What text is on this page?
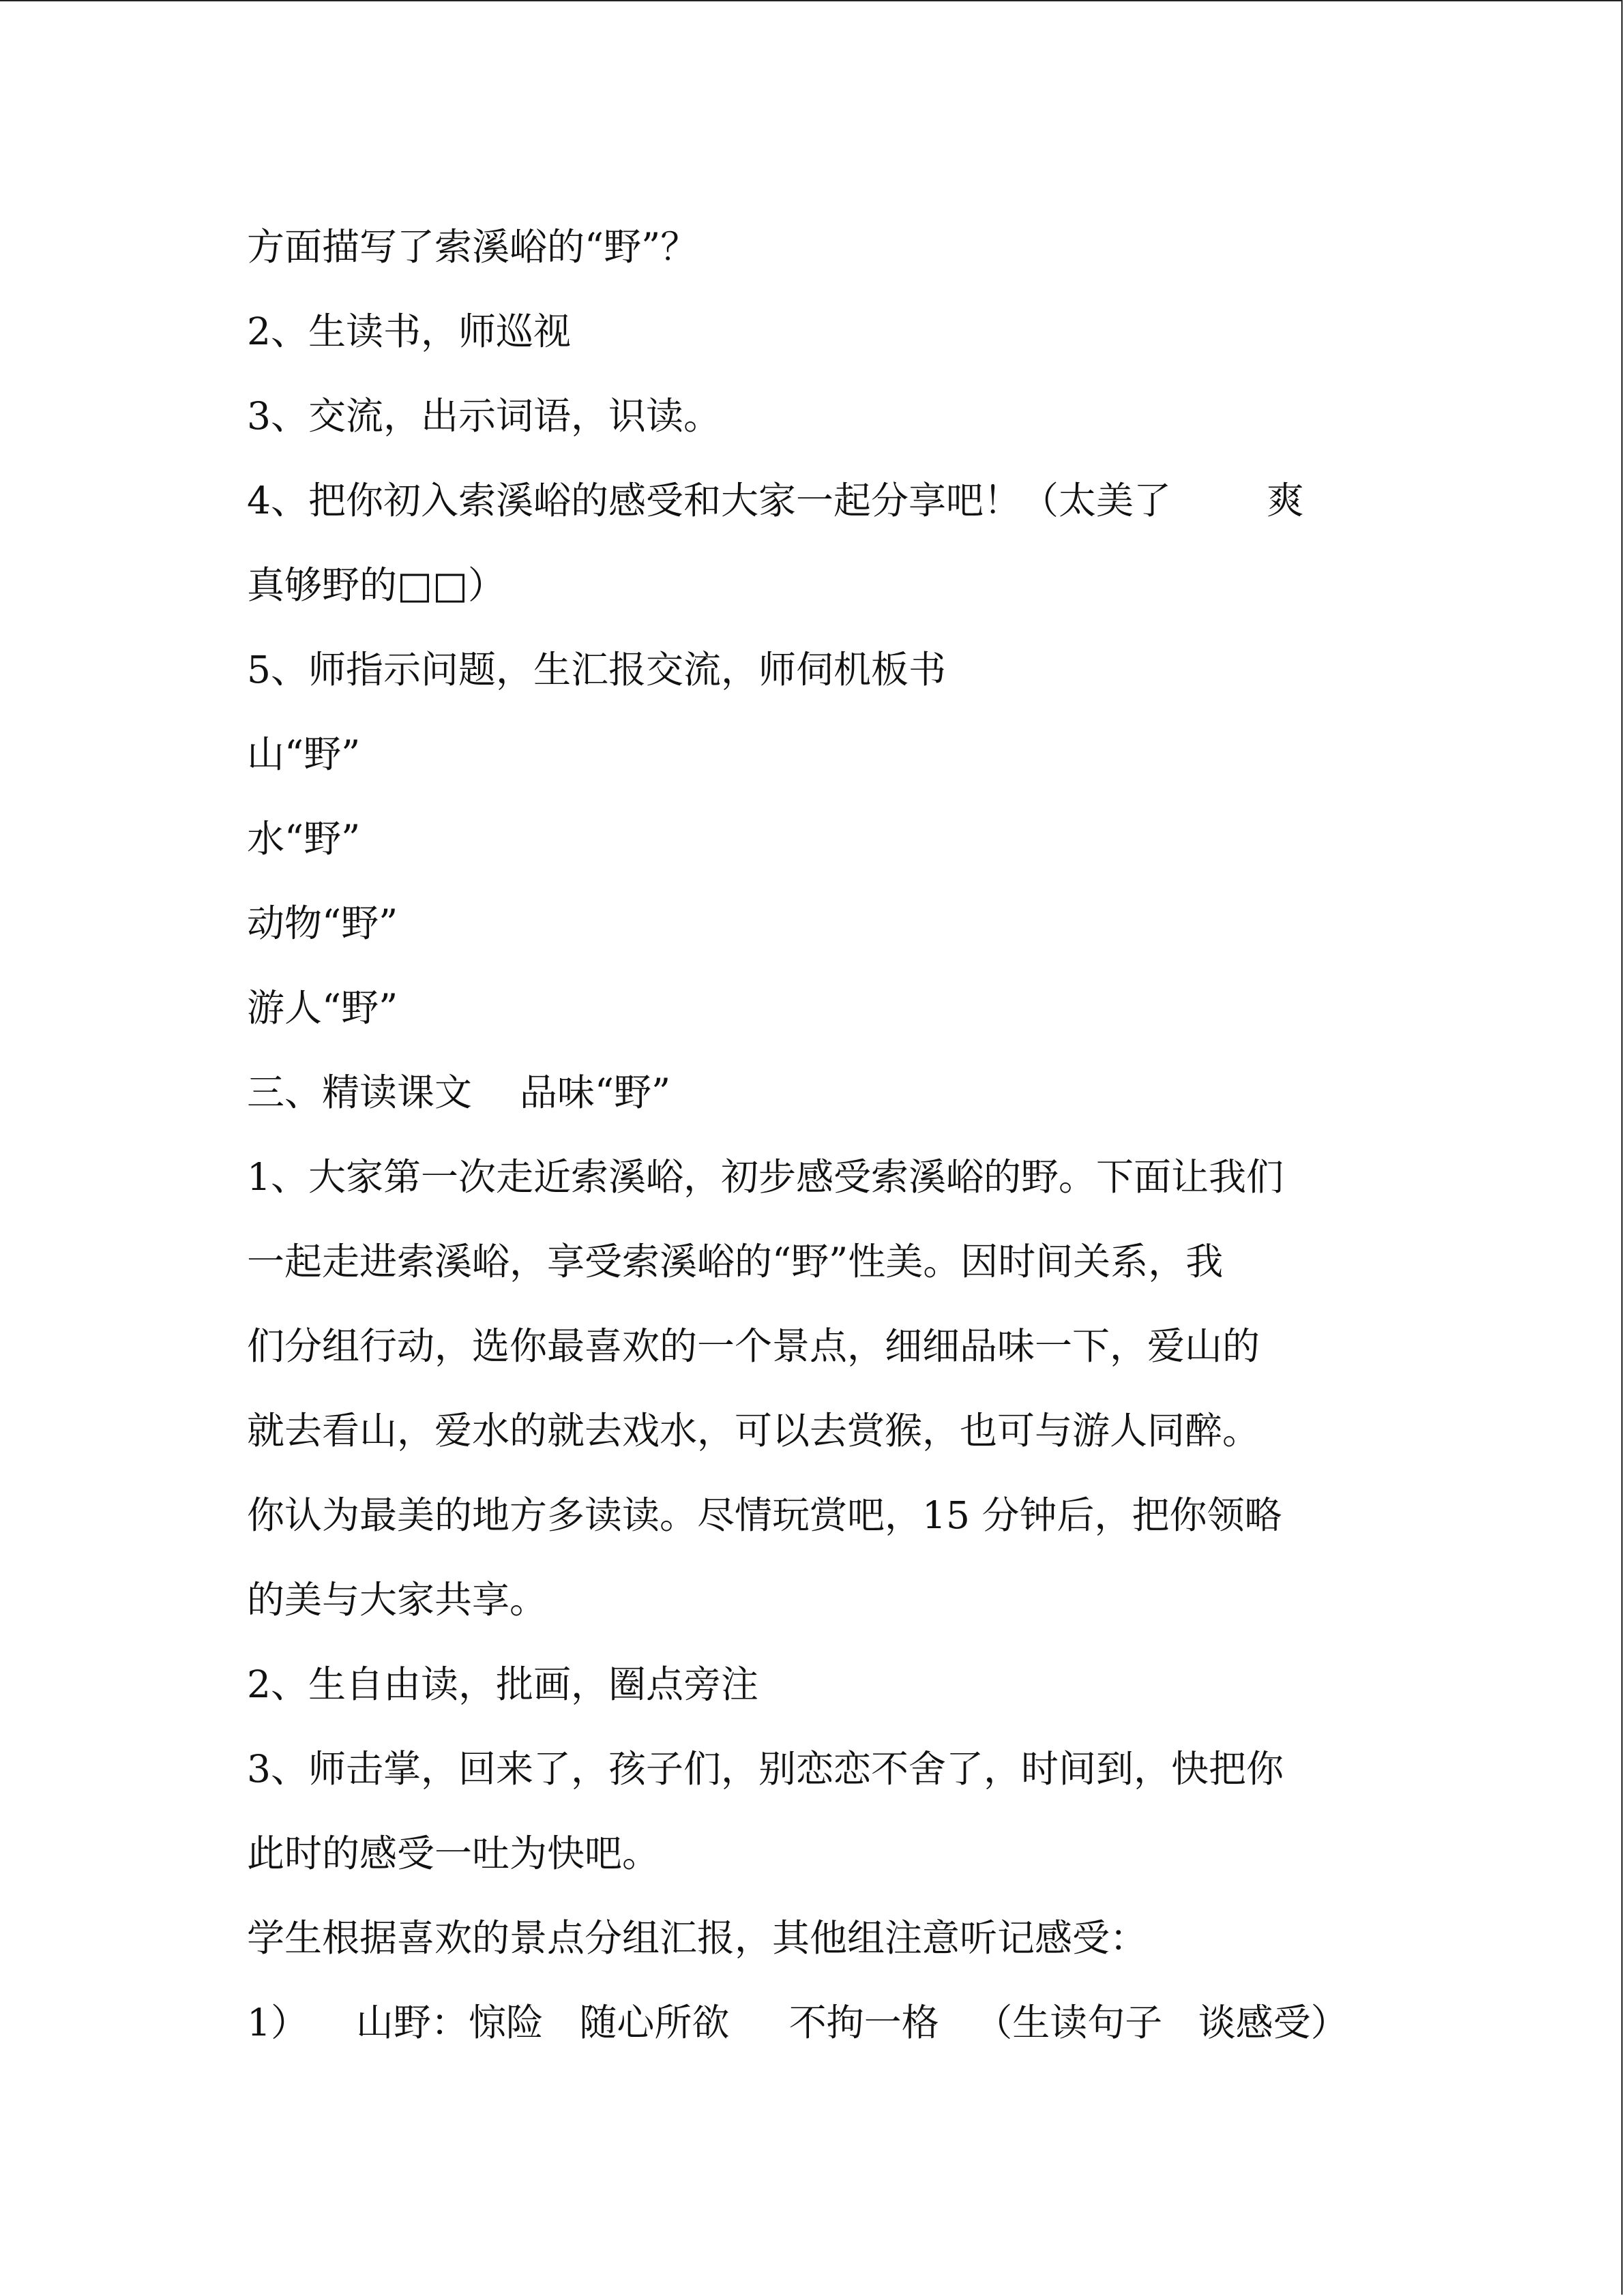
方面描写了索溪峪的“野”？
2、生读书，师巡视
3、交流，出示词语，识读。
4、把你初入索溪峪的感受和大家一起分享吧！（太美了        爽
真够野的□□）
5、师指示问题，生汇报交流，师伺机板书
山“野”
水“野”
动物“野”
游人“野”
三、精读课文    品味“野”
1、大家第一次走近索溪峪，初步感受索溪峪的野。下面让我们
一起走进索溪峪，享受索溪峪的“野”性美。因时间关系，我
们分组行动，选你最喜欢的一个景点，细细品味一下，爱山的
就去看山，爱水的就去戏水，可以去赏猴，也可与游人同醉。
你认为最美的地方多读读。尽情玩赏吧，15 分钟后，把你领略
的美与大家共享。
2、生自由读，批画，圈点旁注
3、师击掌，回来了，孩子们，别恋恋不舍了，时间到，快把你
此时的感受一吐为快吧。
学生根据喜欢的景点分组汇报，其他组注意听记感受：
1）    山野：惊险   随心所欲     不拘一格   （生读句子   谈感受）
